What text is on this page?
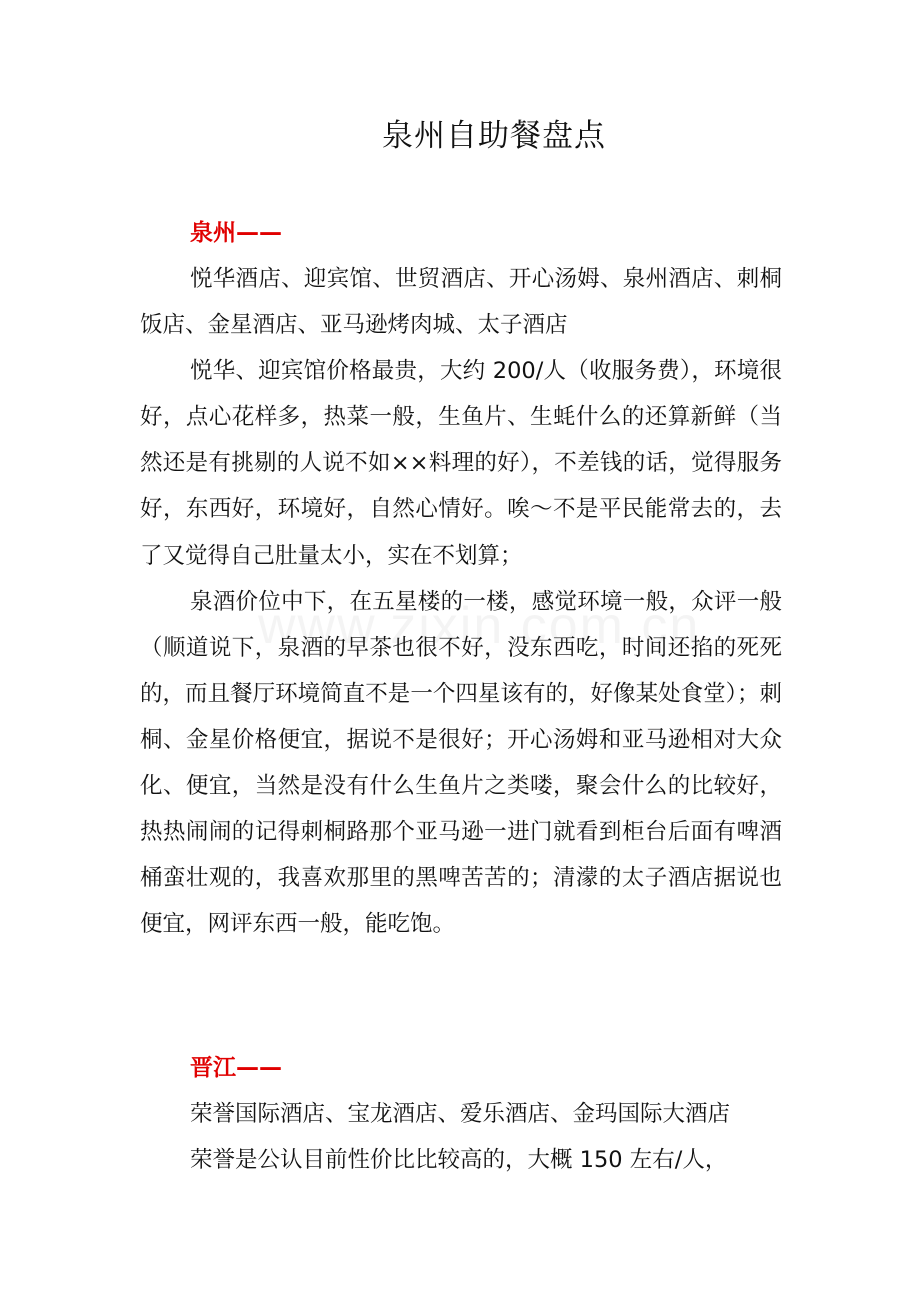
泉州自助餐盘点

泉州——

悦华酒店、迎宾馆、世贸酒店、开心汤姆、泉州酒店、刺桐饭店、金星酒店、亚马逊烤肉城、太子酒店

悦华、迎宾馆价格最贵，大约 200/人（收服务费），环境很好，点心花样多，热菜一般，生鱼片、生蚝什么的还算新鲜（当然还是有挑剔的人说不如××料理的好），不差钱的话，觉得服务好，东西好，环境好，自然心情好。唉～不是平民能常去的，去了又觉得自己肚量太小，实在不划算；

泉酒价位中下，在五星楼的一楼，感觉环境一般，众评一般（顺道说下，泉酒的早茶也很不好，没东西吃，时间还掐的死死的，而且餐厅环境简直不是一个四星该有的，好像某处食堂）；刺桐、金星价格便宜，据说不是很好；开心汤姆和亚马逊相对大众化、便宜，当然是没有什么生鱼片之类喽，聚会什么的比较好，热热闹闹的记得刺桐路那个亚马逊一进门就看到柜台后面有啤酒桶蛮壮观的，我喜欢那里的黑啤苦苦的；清濛的太子酒店据说也便宜，网评东西一般，能吃饱。

晋江——

荣誉国际酒店、宝龙酒店、爱乐酒店、金玛国际大酒店

荣誉是公认目前性价比比较高的，大概 150 左右/人，
